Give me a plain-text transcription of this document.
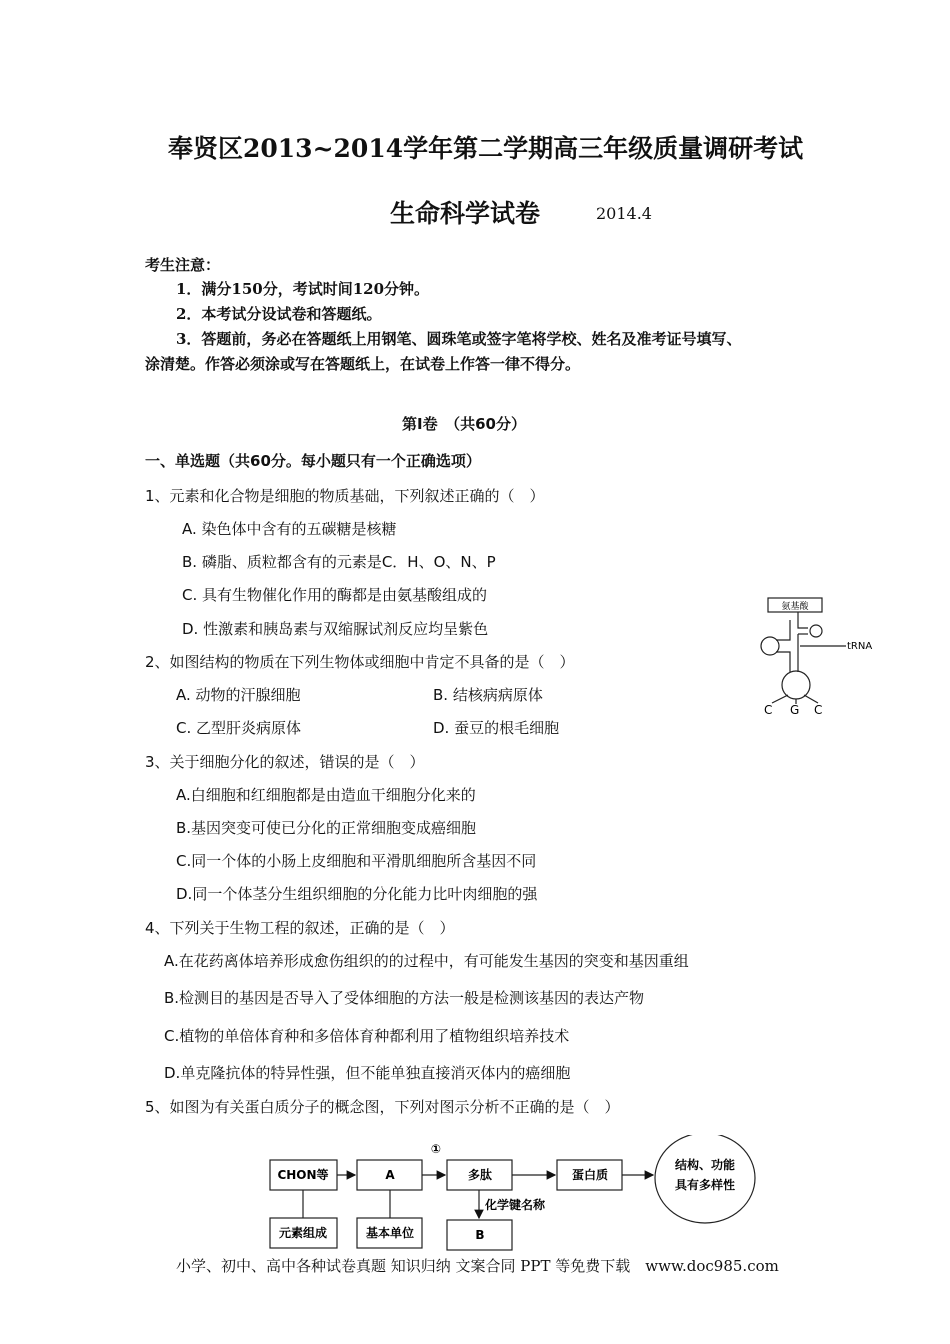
奉贤区2013~2014学年第二学期高三年级质量调研考试
生命科学试卷	2014.4
考生注意：
1．满分150分，考试时间120分钟。
2．本考试分设试卷和答题纸。
3．答题前，务必在答题纸上用钢笔、圆珠笔或签字笔将学校、姓名及准考证号填写、
涂清楚。作答必须涂或写在答题纸上，在试卷上作答一律不得分。
第Ⅰ卷　（共60分）
一、单选题（共60分。每小题只有一个正确选项）
1、元素和化合物是细胞的物质基础，下列叙述正确的（　）
A. 染色体中含有的五碳糖是核糖
B. 磷脂、质粒都含有的元素是C．H、O、N、P
C. 具有生物催化作用的酶都是由氨基酸组成的
D. 性激素和胰岛素与双缩脲试剂反应均呈紫色
2、如图结构的物质在下列生物体或细胞中肯定不具备的是（　）
A. 动物的汗腺细胞	B. 结核病病原体
C. 乙型肝炎病原体	D. 蚕豆的根毛细胞
3、关于细胞分化的叙述，错误的是（　）
A.白细胞和红细胞都是由造血干细胞分化来的
B.基因突变可使已分化的正常细胞变成癌细胞
C.同一个体的小肠上皮细胞和平滑肌细胞所含基因不同
D.同一个体茎分生组织细胞的分化能力比叶肉细胞的强
4、下列关于生物工程的叙述，正确的是（　）
A.在花药离体培养形成愈伤组织的的过程中，有可能发生基因的突变和基因重组
B.检测目的基因是否导入了受体细胞的方法一般是检测该基因的表达产物
C.植物的单倍体育种和多倍体育种都利用了植物组织培养技术
D.单克隆抗体的特异性强，但不能单独直接消灭体内的癌细胞
5、如图为有关蛋白质分子的概念图，下列对图示分析不正确的是（　）
氨基酸
tRNA
C G C
CHON等	A	多肽	蛋白质
结构、功能
具有多样性
元素组成	基本单位	B
化学键名称
①
小学、初中、高中各种试卷真题 知识归纳 文案合同 PPT 等免费下载　www.doc985.com
